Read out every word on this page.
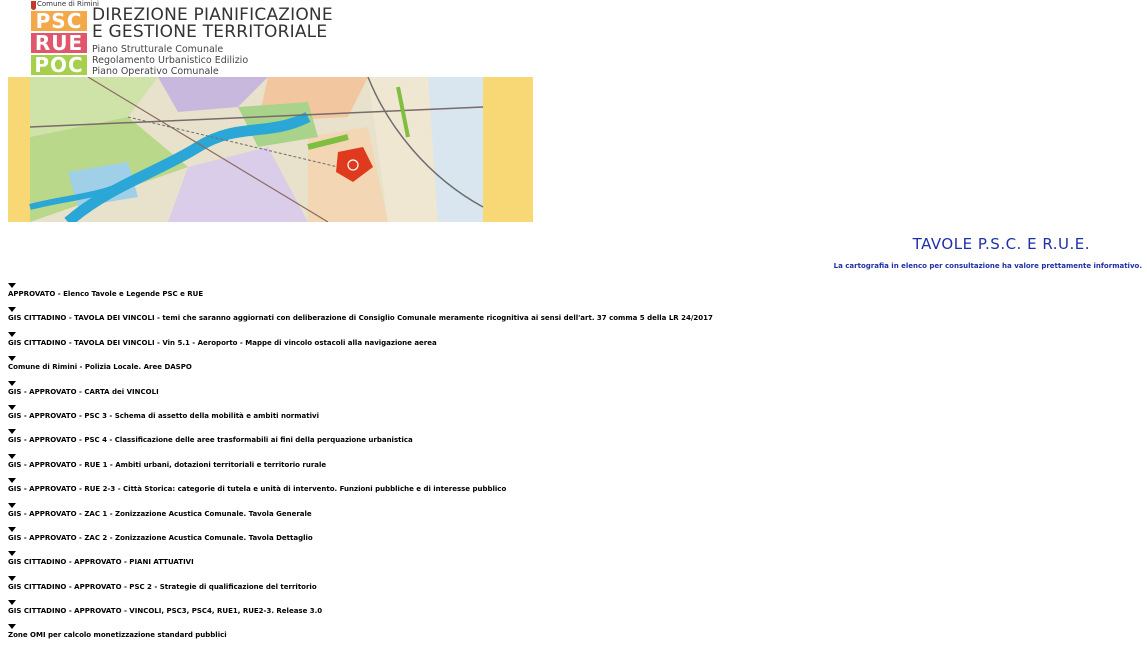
Comune di Rimini
PSC
RUE
POC
DIREZIONE PIANIFICAZIONE
E GESTIONE TERRITORIALE
Piano Strutturale Comunale
Regolamento Urbanistico Edilizio
Piano Operativo Comunale
TAVOLE P.S.C. E R.U.E.
La cartografia in elenco per consultazione ha valore prettamente informativo.
APPROVATO - Elenco Tavole e Legende PSC e RUE
GIS CITTADINO - TAVOLA DEI VINCOLI - temi che saranno aggiornati con deliberazione di Consiglio Comunale meramente ricognitiva ai sensi dell'art. 37 comma 5 della LR 24/2017
GIS CITTADINO - TAVOLA DEI VINCOLI - Vin 5.1 - Aeroporto - Mappe di vincolo ostacoli alla navigazione aerea
Comune di Rimini - Polizia Locale. Aree DASPO
GIS - APPROVATO - CARTA dei VINCOLI
GIS - APPROVATO - PSC 3 - Schema di assetto della mobilità e ambiti normativi
GIS - APPROVATO - PSC 4 - Classificazione delle aree trasformabili ai fini della perquazione urbanistica
GIS - APPROVATO - RUE 1 - Ambiti urbani, dotazioni territoriali e territorio rurale
GIS - APPROVATO - RUE 2-3 - Città Storica: categorie di tutela e unità di intervento. Funzioni pubbliche e di interesse pubblico
GIS - APPROVATO - ZAC 1 - Zonizzazione Acustica Comunale. Tavola Generale
GIS - APPROVATO - ZAC 2 - Zonizzazione Acustica Comunale. Tavola Dettaglio
GIS CITTADINO - APPROVATO - PIANI ATTUATIVI
GIS CITTADINO - APPROVATO - PSC 2 - Strategie di qualificazione del territorio
GIS CITTADINO - APPROVATO - VINCOLI, PSC3, PSC4, RUE1, RUE2-3. Release 3.0
Zone OMI per calcolo monetizzazione standard pubblici
